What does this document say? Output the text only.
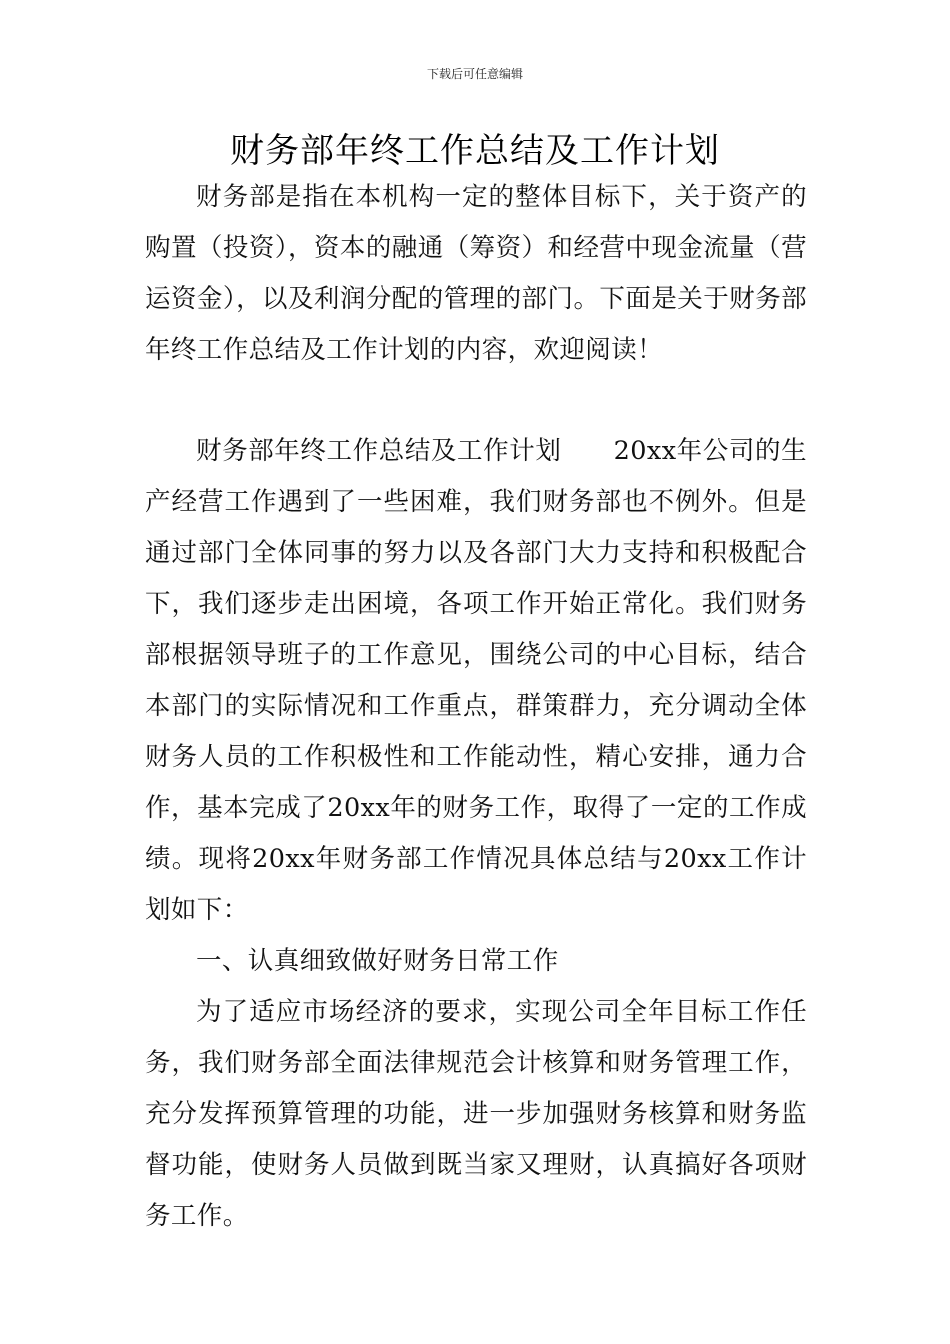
下载后可任意编辑
财务部年终工作总结及工作计划

财务部是指在本机构一定的整体目标下，关于资产的购置（投资），资本的融通（筹资）和经营中现金流量（营运资金），以及利润分配的管理的部门。下面是关于财务部年终工作总结及工作计划的内容，欢迎阅读！

财务部年终工作总结及工作计划　　20xx年公司的生产经营工作遇到了一些困难，我们财务部也不例外。但是通过部门全体同事的努力以及各部门大力支持和积极配合下，我们逐步走出困境，各项工作开始正常化。我们财务部根据领导班子的工作意见，围绕公司的中心目标，结合本部门的实际情况和工作重点，群策群力，充分调动全体财务人员的工作积极性和工作能动性，精心安排，通力合作，基本完成了20xx年的财务工作，取得了一定的工作成绩。现将20xx年财务部工作情况具体总结与20xx工作计划如下：

一、认真细致做好财务日常工作

为了适应市场经济的要求，实现公司全年目标工作任务，我们财务部全面法律规范会计核算和财务管理工作，充分发挥预算管理的功能，进一步加强财务核算和财务监督功能，使财务人员做到既当家又理财，认真搞好各项财务工作。
